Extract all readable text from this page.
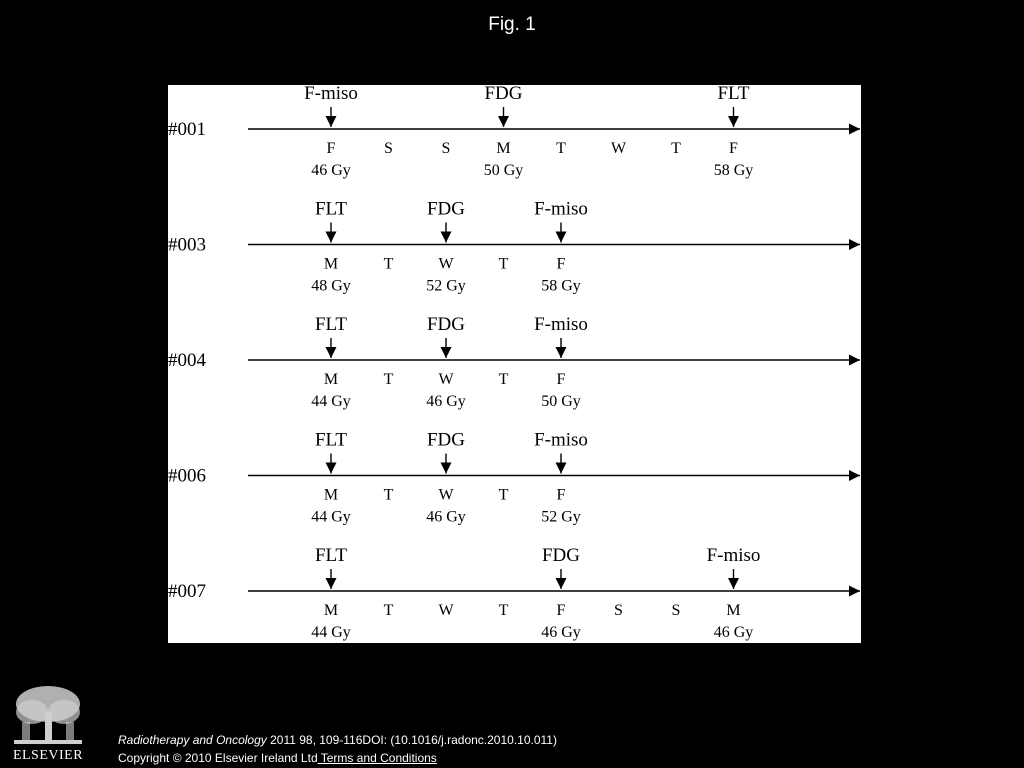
Fig. 1
#001
F-miso	FDG	FLT
F	S	S	M	T	W	T	F
46 Gy	50 Gy	58 Gy
#003
FLT	FDG	F-miso
M	T	W	T	F
48 Gy	52 Gy	58 Gy
#004
FLT	FDG	F-miso
M	T	W	T	F
44 Gy	46 Gy	50 Gy
#006
FLT	FDG	F-miso
M	T	W	T	F
44 Gy	46 Gy	52 Gy
#007
FLT	FDG	F-miso
M	T	W	T	F	S	S	M
44 Gy	46 Gy	46 Gy
ELSEVIER
Radiotherapy and Oncology 2011 98, 109-116DOI: (10.1016/j.radonc.2010.10.011)
Copyright © 2010 Elsevier Ireland Ltd Terms and Conditions
